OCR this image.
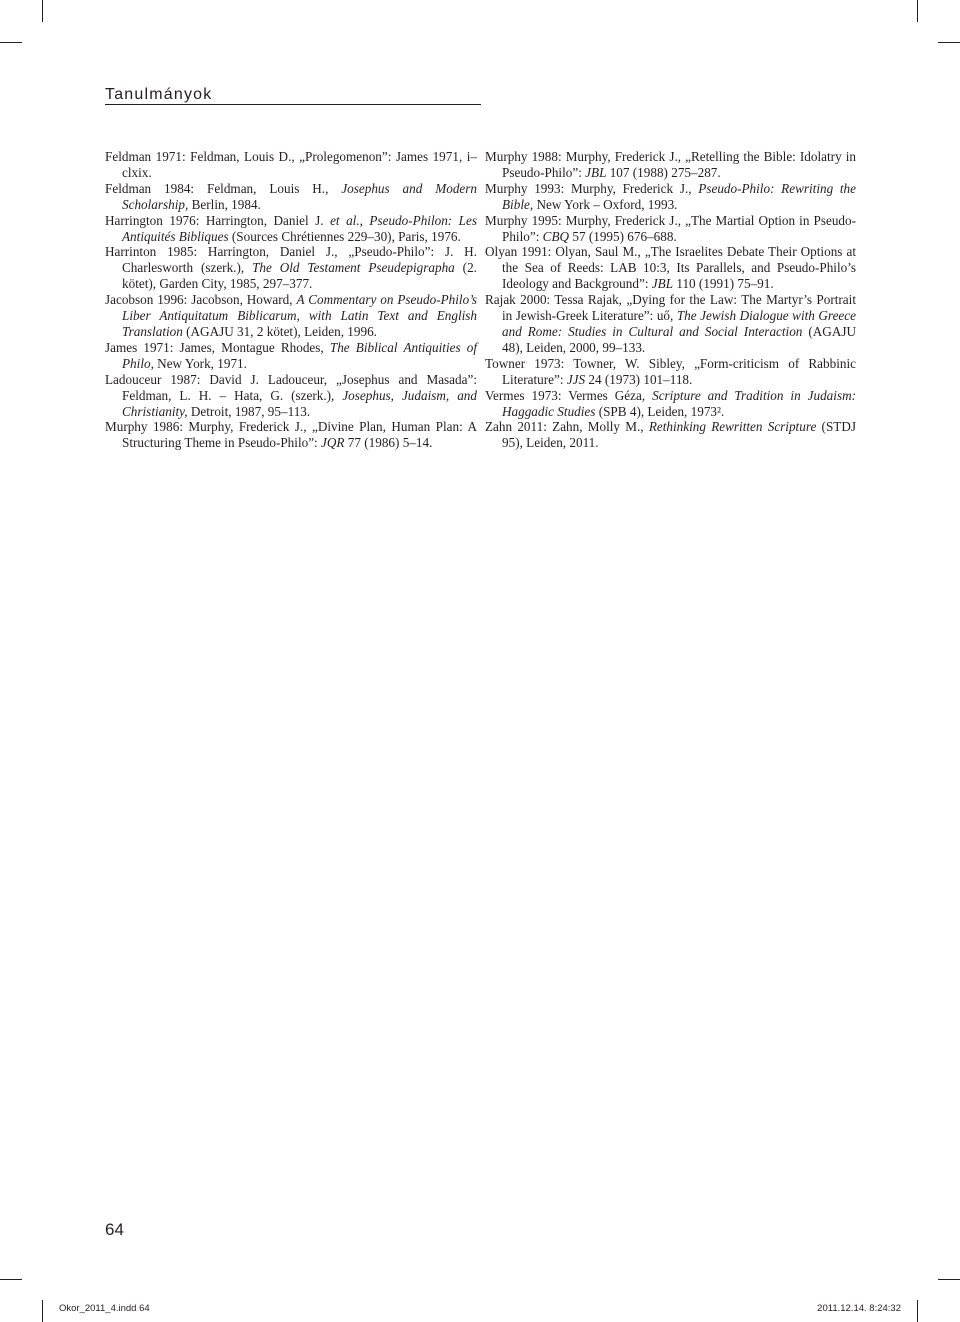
Tanulmányok

Feldman 1971: Feldman, Louis D., „Prolegomenon”: James 1971, i– clxix.

Feldman 1984: Feldman, Louis H., Josephus and Modern Scholarship, Berlin, 1984.

Harrington 1976: Harrington, Daniel J. et al., Pseudo-Philon: Les Antiquités Bibliques (Sources Chrétiennes 229–30), Paris, 1976.

Harrinton 1985: Harrington, Daniel J., „Pseudo-Philo”: J. H. Charlesworth (szerk.), The Old Testament Pseudepigrapha (2. kötet), Garden City, 1985, 297–377.

Jacobson 1996: Jacobson, Howard, A Commentary on Pseudo-Philo’s Liber Antiquitatum Biblicarum, with Latin Text and English Translation (AGAJU 31, 2 kötet), Leiden, 1996.

James 1971: James, Montague Rhodes, The Biblical Antiquities of Philo, New York, 1971.

Ladouceur 1987: David J. Ladouceur, „Josephus and Masada”: Feldman, L. H. – Hata, G. (szerk.), Josephus, Judaism, and Christianity, Detroit, 1987, 95–113.

Murphy 1986: Murphy, Frederick J., „Divine Plan, Human Plan: A Structuring Theme in Pseudo-Philo”: JQR 77 (1986) 5–14.

Murphy 1988: Murphy, Frederick J., „Retelling the Bible: Idolatry in Pseudo-Philo”: JBL 107 (1988) 275–287.

Murphy 1993: Murphy, Frederick J., Pseudo-Philo: Rewriting the Bible, New York – Oxford, 1993.

Murphy 1995: Murphy, Frederick J., „The Martial Option in Pseudo-Philo”: CBQ 57 (1995) 676–688.

Olyan 1991: Olyan, Saul M., „The Israelites Debate Their Options at the Sea of Reeds: LAB 10:3, Its Parallels, and Pseudo-Philo’s Ideology and Background”: JBL 110 (1991) 75–91.

Rajak 2000: Tessa Rajak, „Dying for the Law: The Martyr’s Portrait in Jewish-Greek Literature”: uő, The Jewish Dialogue with Greece and Rome: Studies in Cultural and Social Interaction (AGAJU 48), Leiden, 2000, 99–133.

Towner 1973: Towner, W. Sibley, „Form-criticism of Rabbinic Literature”: JJS 24 (1973) 101–118.

Vermes 1973: Vermes Géza, Scripture and Tradition in Judaism: Haggadic Studies (SPB 4), Leiden, 1973².

Zahn 2011: Zahn, Molly M., Rethinking Rewritten Scripture (STDJ 95), Leiden, 2011.

64
Okor_2011_4.indd 64	2011.12.14. 8:24:32
